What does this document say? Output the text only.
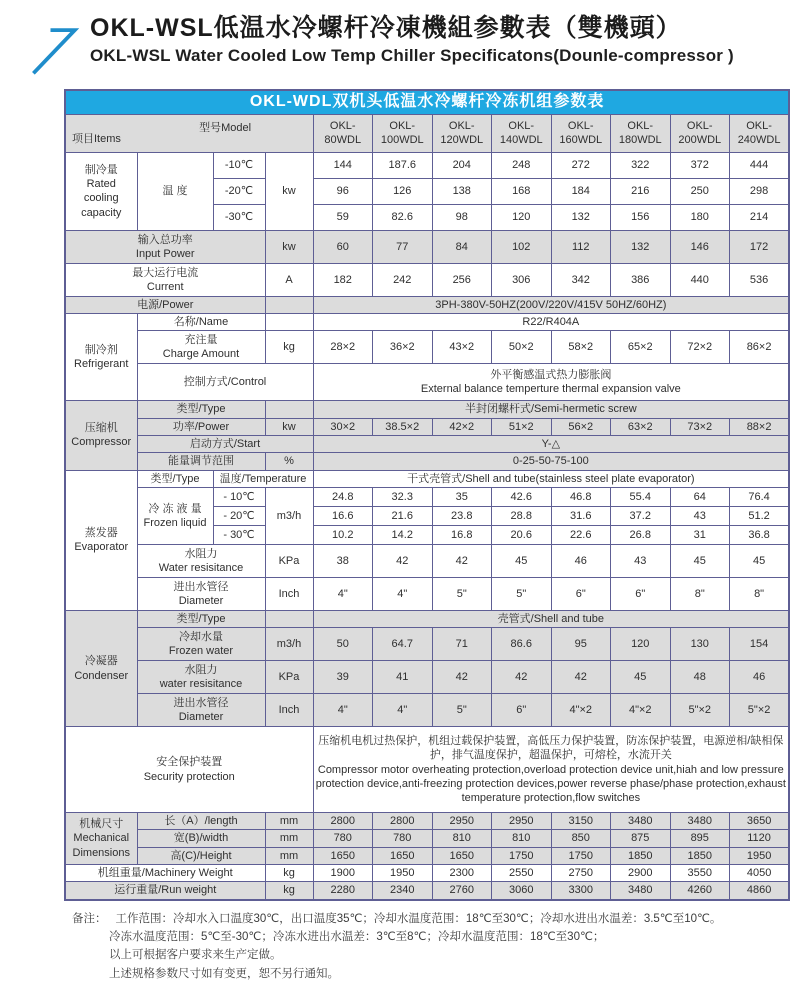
OKL-WSL低温水冷螺杆冷凍機組参數表（雙機頭）
OKL-WSL Water Cooled Low Temp Chiller Specificatons(Dounle-compressor )
OKL-WDL双机头低温水冷螺杆冷冻机组参数表											

项目Items
型号Model				OKL-80WDL	OKL-100WDL	OKL-120WDL	OKL-140WDL	OKL-160WDL	OKL-180WDL	OKL-200WDL	OKL-240WDL

制冷量
Rated cooling capacity	温 度	-10℃	kw	144	187.6	204	248	272	322	372	444
		-20℃		96	126	138	168	184	216	250	298
		-30℃		59	82.6	98	120	132	156	180	214

输入总功率
Input Power			kw	60	77	84	102	112	132	146	172

最大运行电流
Current			A	182	242	256	306	342	386	440	536
电源/Power				3PH-380V-50HZ(200V/220V/415V 50HZ/60HZ)							

制冷剂
Refrigerant	名称/Name			R22/R404A							

	充注量
Charge Amount		kg	28×2	36×2	43×2	50×2	58×2	65×2	72×2	86×2
	控制方式/Control			外平衡感温式热力膨胀阀
External balance temperture thermal expansion valve							

压缩机
Compressor	类型/Type			半封闭螺杆式/Semi-hermetic screw							
	功率/Power		kw	30×2	38.5×2	42×2	51×2	56×2	63×2	73×2	88×2
	启动方式/Start			Y-△							
	能量调节范围		%	0-25-50-75-100							

蒸发器
Evaporator	类型/Type	温度/Temperature		干式壳管式/Shell and tube(stainless steel plate evaporator)							

	冷 冻 液 量
Frozen liquid	- 10℃	m3/h	24.8	32.3	35	42.6	46.8	55.4	64	76.4
		- 20℃		16.6	21.6	23.8	28.8	31.6	37.2	43	51.2
		- 30℃		10.2	14.2	16.8	20.6	22.6	26.8	31	36.8

	水阻力
Water resisitance		KPa	38	42	42	45	46	43	45	45

	进出水管径
Diameter		Inch	4"	4"	5"	5"	6"	6"	8"	8"

冷凝器
Condenser	类型/Type			壳管式/Shell and tube							

	冷却水量
Frozen water		m3/h	50	64.7	71	86.6	95	120	130	154

	水阻力
water resisitance		KPa	39	41	42	42	42	45	48	46

	进出水管径
Diameter		Inch	4"	4"	5"	6"	4"×2	4"×2	5"×2	5"×2

安全保护装置
Security protection

压缩机电机过热保护，机组过载保护装置，高低压力保护装置，防冻保护装置，电源逆相/缺相保护，排气温度保护，超温保护，可熔栓，水流开关
Compressor motor overheating protection,overload protection device unit,hiah and low pressure protection device,anti-freezing protection devices,power reverse phase/phase protection,exhaust temperature protection,flow switches

机械尺寸
Mechanical Dimensions	长（A）/length		mm	2800	2800	2950	2950	3150	3480	3480	3650
	宽(B)/width		mm	780	780	810	810	850	875	895	1120
	高(C)/Height		mm	1650	1650	1650	1750	1750	1850	1850	1950
机组重量/Machinery Weight			kg	1900	1950	2300	2550	2750	2900	3550	4050
运行重量/Run weight			kg	2280	2340	2760	3060	3300	3480	4260	4860
备注： 工作范围：冷却水入口温度30℃，出口温度35℃；冷却水温度范围：18℃至30℃；冷却水进出水温差：3.5℃至10℃。
冷冻水温度范围：5℃至-30℃；冷冻水进出水温差：3℃至8℃；冷却水温度范围：18℃至30℃；
以上可根据客户要求来生产定做。
上述规格参数尺寸如有变更，恕不另行通知。
